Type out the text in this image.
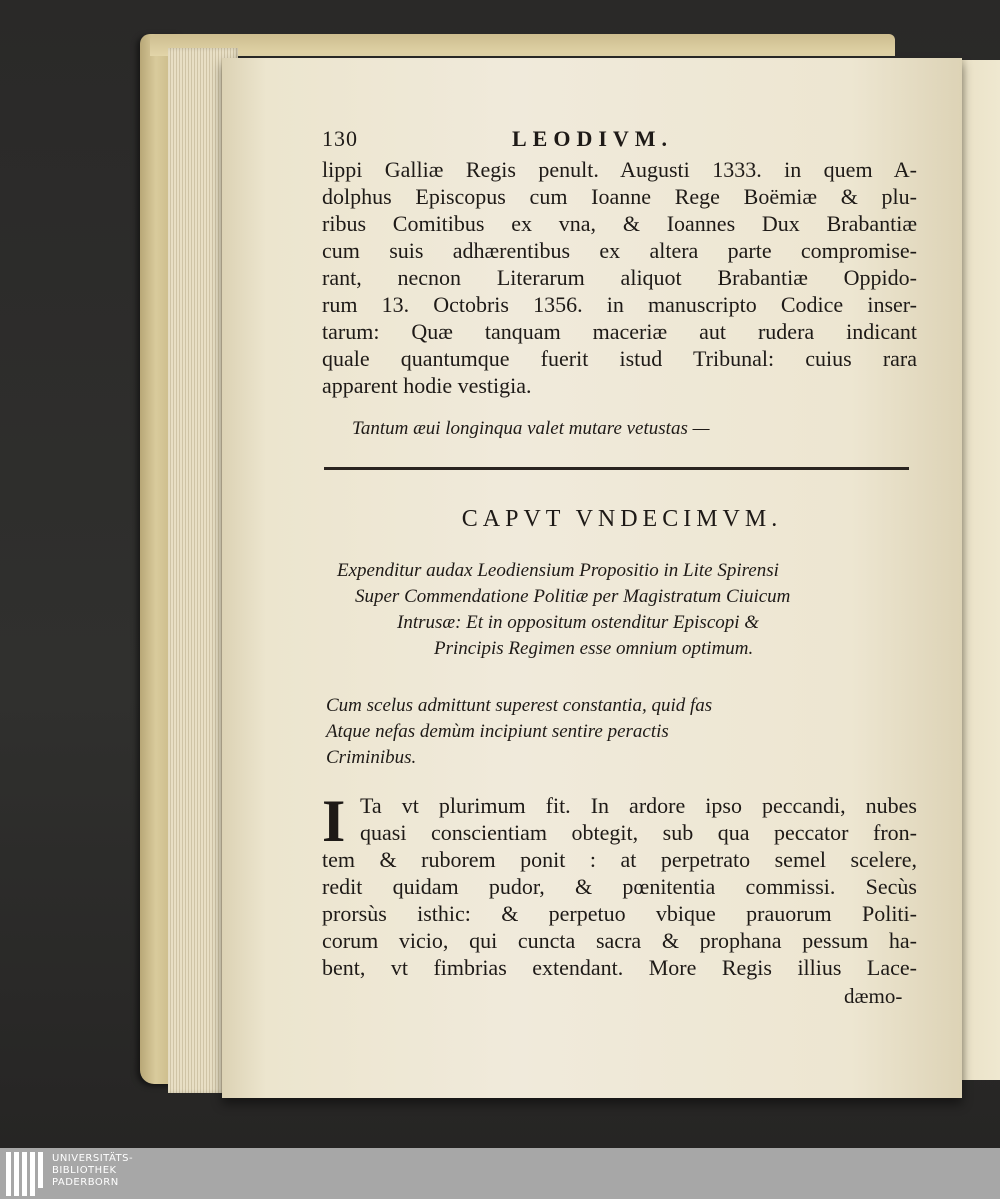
130	LEODIVM.
lippi Galliæ Regis penult. Augusti 1333. in quem A-
dolphus Episcopus cum Ioanne Rege Boëmiæ & plu-
ribus Comitibus ex vna, & Ioannes Dux Brabantiæ
cum suis adhærentibus ex altera parte compromise-
rant, necnon Literarum aliquot Brabantiæ Oppido-
rum 13. Octobris 1356. in manuscripto Codice inser-
tarum: Quæ tanquam maceriæ aut rudera indicant
quale quantumque fuerit istud Tribunal: cuius rara
apparent hodie vestigia.
Tantum æui longinqua valet mutare vetustas —
CAPVT VNDECIMVM.
Expenditur audax Leodiensium Propositio in Lite Spirensi
Super Commendatione Politiæ per Magistratum Ciuicum
Intrusæ: Et in oppositum ostenditur Episcopi &
Principis Regimen esse omnium optimum.
Cum scelus admittunt superest constantia, quid fas
Atque nefas demùm incipiunt sentire peractis
Criminibus.
I Ta vt plurimum fit. In ardore ipso peccandi, nubes
quasi conscientiam obtegit, sub qua peccator fron-
tem & ruborem ponit : at perpetrato semel scelere,
redit quidam pudor, & pœnitentia commissi. Secùs
prorsùs isthic: & perpetuo vbique prauorum Politi-
corum vicio, qui cuncta sacra & prophana pessum ha-
bent, vt fimbrias extendant. More Regis illius Lace-
dæmo-
UNIVERSITÄTS-
BIBLIOTHEK
PADERBORN
